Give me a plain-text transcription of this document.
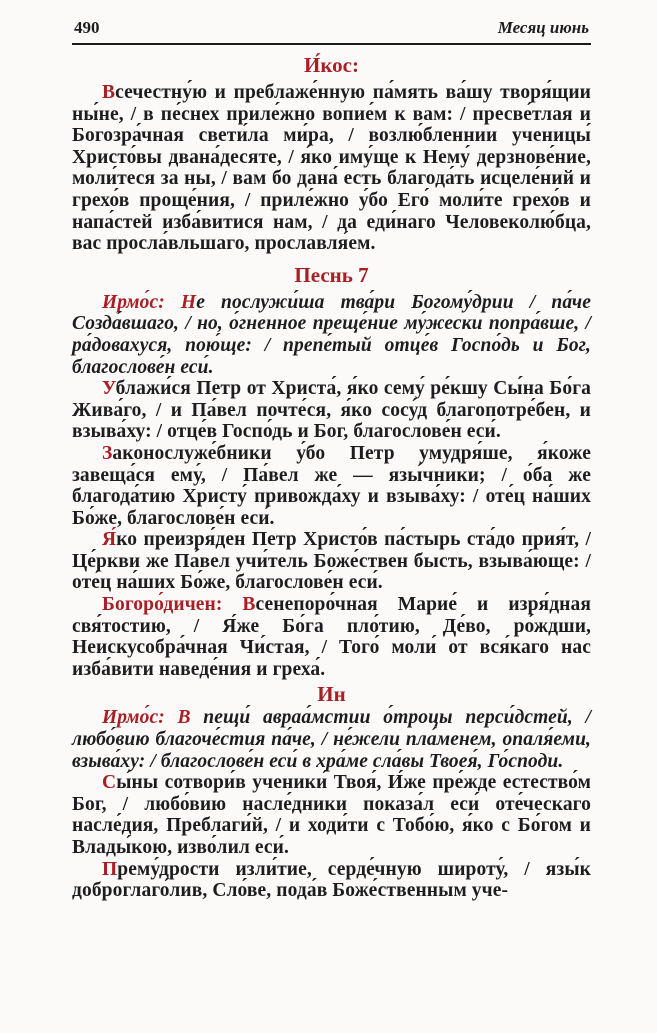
490	Месяц июнь
И́кос:

Всечестну́ю и преблаже́нную па́мять ва́шу творя́щии ны́не, / в пе́снех приле́жно вопие́м к вам: / пресве́тлая и Богозра́чная свети́ла ми́ра, / возлю́бленнии ученицы́ Христо́вы двана́десяте, / я́ко иму́ще к Нему́ дерзнове́ние, моли́теся за ны, / вам бо дана́ есть благода́ть исцеле́ний и грехо́в проще́ния, / приле́жно у́бо Его́ моли́те грехо́в и напа́стей изба́витися нам, / да еди́наго Человеколю́бца, вас просла́вльшаго, прославля́ем.

Песнь 7

Ирмо́с: Не послужи́ша тва́ри Богому́дрии / па́че Созда́вшаго, / но, о́гненное преще́ние му́жески попра́вше, / ра́довахуся, пою́ще: / препе́тый отце́в Госпо́дь и Бог, благослове́н еси́.

Ублажи́ся Петр от Христа́, я́ко сему́ ре́кшу Сы́на Бо́га Жива́го, / и Па́вел почте́ся, я́ко сосу́д благопотре́бен, и взыва́ху: / отце́в Госпо́дь и Бог, благослове́н еси́.

Законослуже́бники у́бо Петр умудря́ше, я́коже завеща́ся ему́, / Па́вел же — язы́чники; / о́ба же благода́тию Христу́ привожда́ху и взыва́ху: / оте́ц на́ших Бо́же, благослове́н еси́.

Я́ко преизря́ден Петр Христо́в па́стырь ста́до прия́т, / Це́ркви же Па́вел учи́тель Боже́ствен бысть, взыва́юще: / оте́ц на́ших Бо́же, благослове́н еси́.

Богоро́дичен: Всенепоро́чная Марие́ и изря́дная свя́тостию, / Я́же Бо́га пло́тию, Де́во, ро́ждши, Неискусобра́чная Чи́стая, / Того́ моли́ от вся́каго нас изба́вити наведе́ния и греха́.

Ин

Ирмо́с: В пещи́ авраа́мстии о́троцы перси́дстей, / любо́вию благоче́стия па́че, / не́жели пла́менем, опаля́еми, взыва́ху: / благослове́н еси́ в хра́ме сла́вы Твоея́, Го́споди.

Сы́ны сотвори́в ученики́ Твоя́, И́же пре́жде естество́м Бог, / любо́вию насле́дники показа́л еси́ оте́ческаго насле́дия, Преблаги́й, / и ходи́ти с Тобо́ю, я́ко с Бо́гом и Влады́кою, изво́лил еси́.

Прему́дрости изли́тие, серде́чную широту́, / язы́к доброглаго́лив, Сло́ве, пода́в Боже́ственным уче-
